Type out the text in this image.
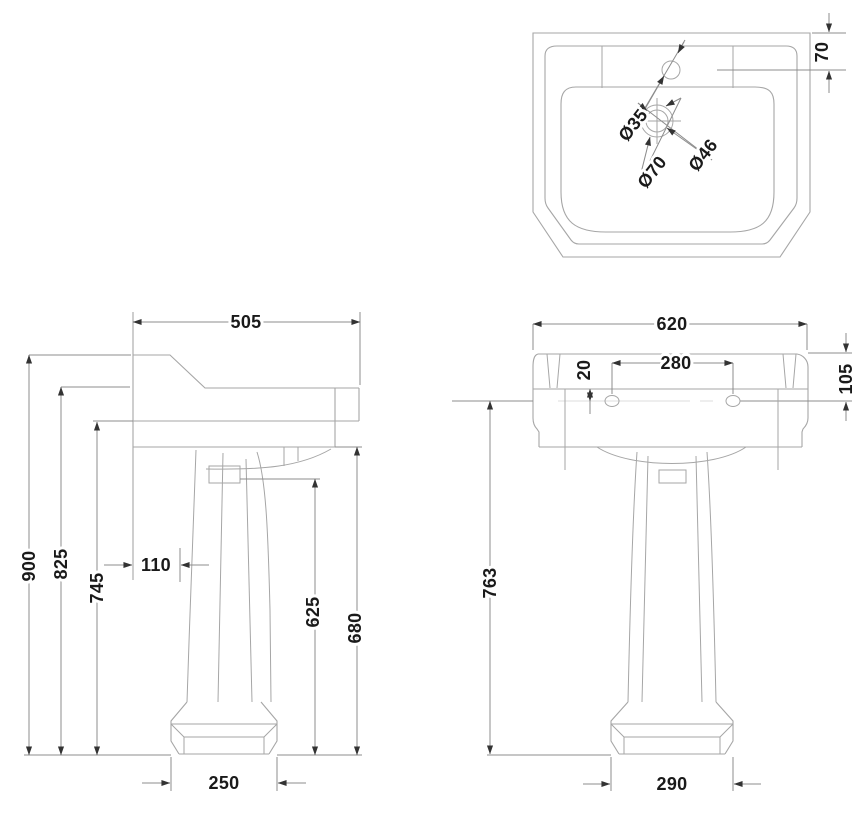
Ø35
Ø70 Ø46
70
505
900 825
745
110
625
680
250
620
280
20	105
763
290
